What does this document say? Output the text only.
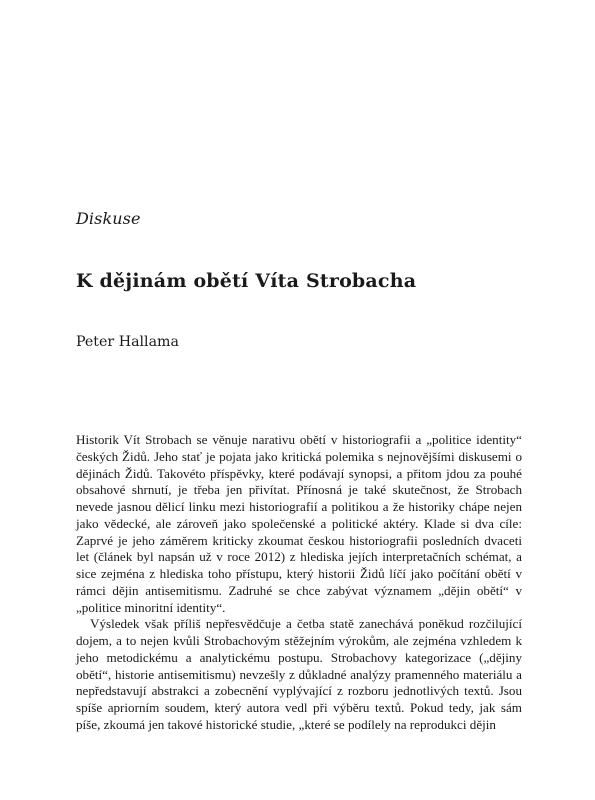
Diskuse
K dějinám obětí Víta Strobacha
Peter Hallama

Historik Vít Strobach se věnuje narativu obětí v historiografii a „politice identity“ českých Židů. Jeho stať je pojata jako kritická polemika s nejnovějšími diskusemi o dějinách Židů. Takovéto příspěvky, které podávají synopsi, a přitom jdou za pouhé obsahové shrnutí, je třeba jen přivítat. Přínosná je také skutečnost, že Strobach nevede jasnou dělicí linku mezi historiografií a politikou a že historiky chápe nejen jako vědecké, ale zároveň jako společenské a politické aktéry. Klade si dva cíle: Zaprvé je jeho záměrem kriticky zkoumat českou historiografii posledních dvaceti let (článek byl napsán už v roce 2012) z hlediska jejích interpretačních schémat, a sice zejména z hlediska toho přístupu, který historii Židů líčí jako počítání obětí v rámci dějin antisemitismu. Zadruhé se chce zabývat významem „dějin obětí“ v „politice minoritní identity“.

Výsledek však příliš nepřesvědčuje a četba statě zanechává poněkud rozčilující dojem, a to nejen kvůli Strobachovým stěžejním výrokům, ale zejména vzhledem k jeho metodickému a analytickému postupu. Strobachovy kategorizace („dějiny obětí“, historie antisemitismu) nevzešly z důkladné analýzy pramenného materiálu a nepředstavují abstrakci a zobecnění vyplývající z rozboru jednotlivých textů. Jsou spíše apriorním soudem, který autora vedl při výběru textů. Pokud tedy, jak sám píše, zkoumá jen takové historické studie, „které se podílely na reprodukci dějin
